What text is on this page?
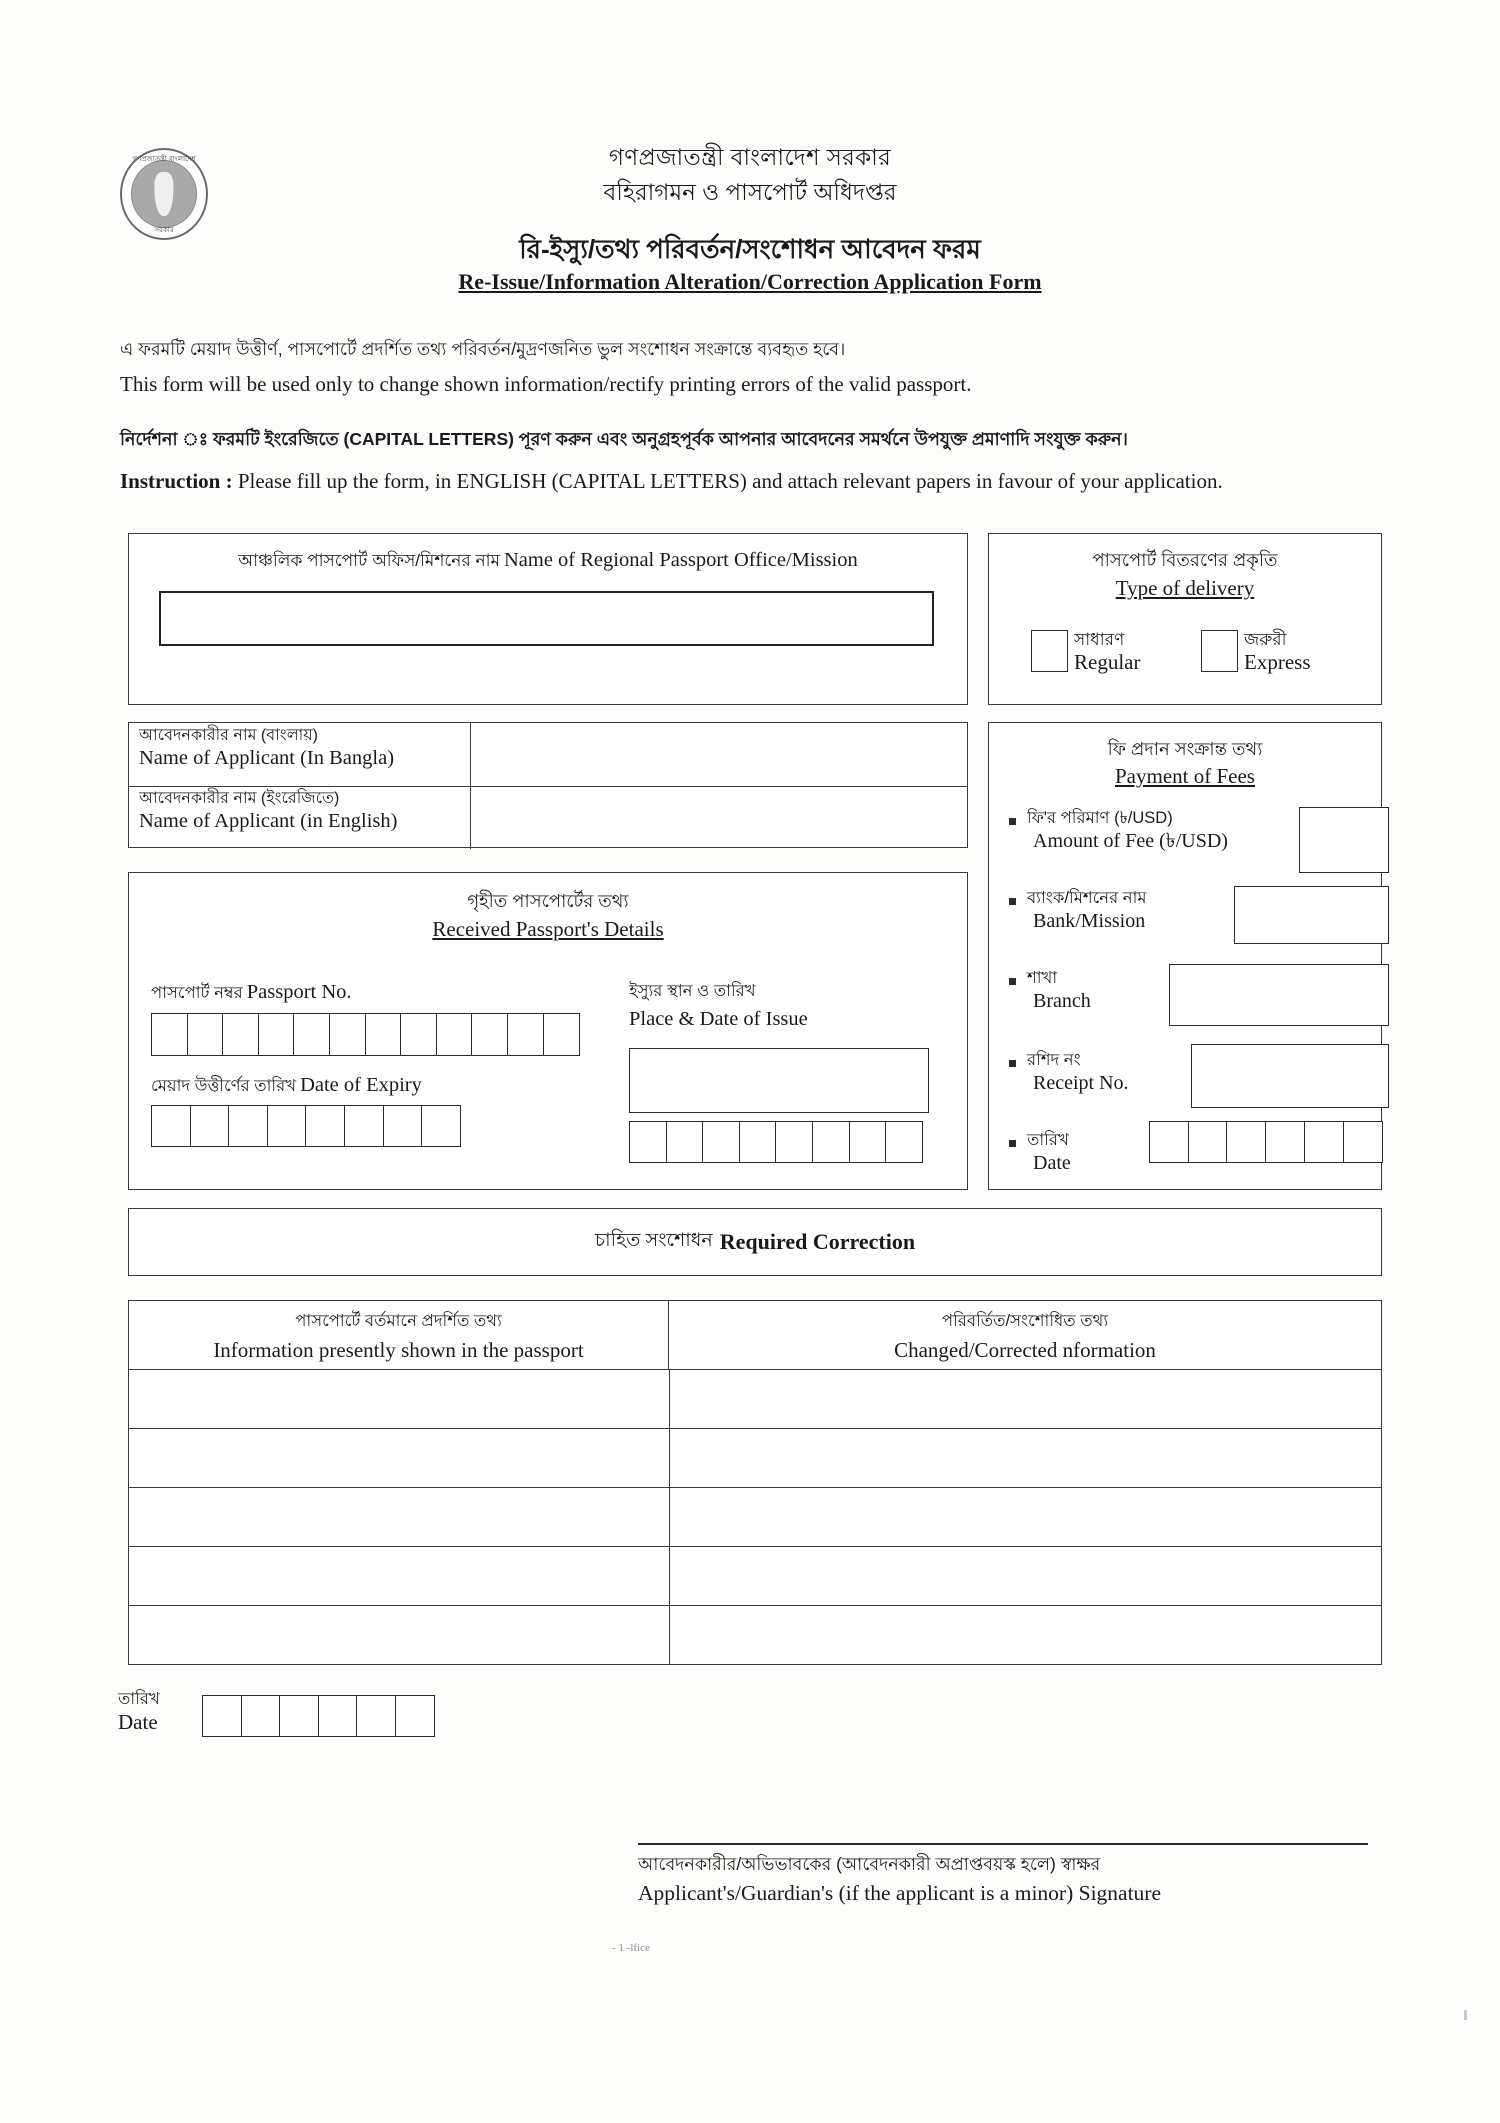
গণপ্রজাতন্ত্রী বাংলাদেশ
সরকার
গণপ্রজাতন্ত্রী বাংলাদেশ সরকার
বহিরাগমন ও পাসপোর্ট অধিদপ্তর
রি-ইস্যু/তথ্য পরিবর্তন/সংশোধন আবেদন ফরম
Re-Issue/Information Alteration/Correction Application Form
এ ফরমটি মেয়াদ উত্তীর্ণ, পাসপোর্টে প্রদর্শিত তথ্য পরিবর্তন/মুদ্রণজনিত ভুল সংশোধন সংক্রান্তে ব্যবহৃত হবে।
This form will be used only to change shown information/rectify printing errors of the valid passport.
নির্দেশনা ঃ ফরমটি ইংরেজিতে (CAPITAL LETTERS) পূরণ করুন এবং অনুগ্রহপূর্বক আপনার আবেদনের সমর্থনে উপযুক্ত প্রমাণাদি সংযুক্ত করুন।
Instruction : Please fill up the form, in ENGLISH (CAPITAL LETTERS) and attach relevant papers in favour of your application.
আঞ্চলিক পাসপোর্ট অফিস/মিশনের নাম Name of Regional Passport Office/Mission	পাসপোর্ট বিতরণের প্রকৃতি
Type of delivery
সাধারণ
Regular
জরুরী
Express
আবেদনকারীর নাম (বাংলায়)
Name of Applicant (In Bangla)
আবেদনকারীর নাম (ইংরেজিতে)
Name of Applicant (in English)
ফি প্রদান সংক্রান্ত তথ্য
Payment of Fees
ফি'র পরিমাণ (৳/USD)
Amount of Fee (৳/USD)
ব্যাংক/মিশনের নাম
Bank/Mission
শাখা
Branch
রশিদ নং
Receipt No.
তারিখ
Date
গৃহীত পাসপোর্টের তথ্য
Received Passport's Details
পাসপোর্ট নম্বর Passport No.
মেয়াদ উত্তীর্ণের তারিখ Date of Expiry
ইস্যুর স্থান ও তারিখ
Place & Date of Issue
চাহিত সংশোধন Required Correction
পাসপোর্টে বর্তমানে প্রদর্শিত তথ্য
Information presently shown in the passport
পরিবর্তিত/সংশোধিত তথ্য
Changed/Corrected nformation
তারিখ
Date
আবেদনকারীর/অভিভাবকের (আবেদনকারী অপ্রাপ্তবয়স্ক হলে) স্বাক্ষর
Applicant's/Guardian's (if the applicant is a minor) Signature
- 1 -lfice
